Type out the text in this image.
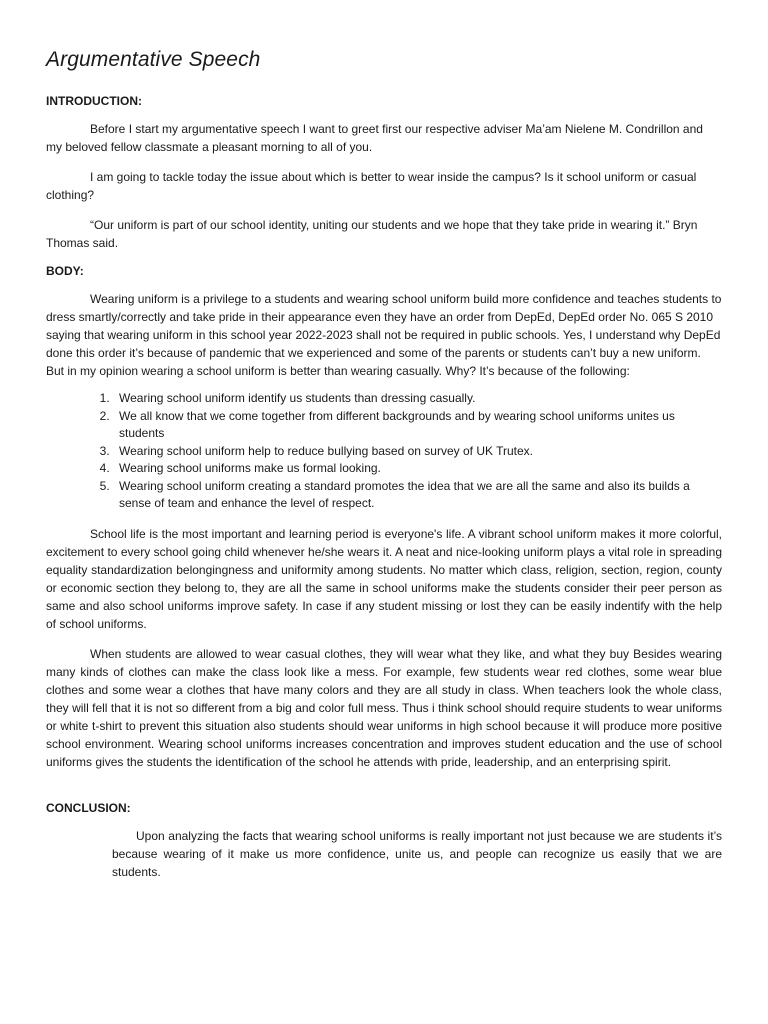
Argumentative Speech
INTRODUCTION:

Before I start my argumentative speech I want to greet first our respective adviser Ma’am Nielene M. Condrillon and my beloved fellow classmate a pleasant morning to all of you.

I am going to tackle today the issue about which is better to wear inside the campus? Is it school uniform or casual clothing?

“Our uniform is part of our school identity, uniting our students and we hope that they take pride in wearing it.” Bryn Thomas said.

BODY:

Wearing uniform is a privilege to a students and wearing school uniform build more confidence and teaches students to dress smartly/correctly and take pride in their appearance even they have an order from DepEd, DepEd order No. 065 S 2010 saying that wearing uniform in this school year 2022-2023 shall not be required in public schools. Yes, I understand why DepEd done this order it’s because of pandemic that we experienced and some of the parents or students can’t buy a new uniform. But in my opinion wearing a school uniform is better than wearing casually. Why? It’s because of the following:

1. Wearing school uniform identify us students than dressing casually.
2. We all know that we come together from different backgrounds and by wearing school uniforms unites us students
3. Wearing school uniform help to reduce bullying based on survey of UK Trutex.
4. Wearing school uniforms make us formal looking.
5. Wearing school uniform creating a standard promotes the idea that we are all the same and also its builds a sense of team and enhance the level of respect.

School life is the most important and learning period is everyone's life. A vibrant school uniform makes it more colorful, excitement to every school going child whenever he/she wears it. A neat and nice-looking uniform plays a vital role in spreading equality standardization belongingness and uniformity among students. No matter which class, religion, section, region, county or economic section they belong to, they are all the same in school uniforms make the students consider their peer person as same and also school uniforms improve safety. In case if any student missing or lost they can be easily indentify with the help of school uniforms.

When students are allowed to wear casual clothes, they will wear what they like, and what they buy Besides wearing many kinds of clothes can make the class look like a mess. For example, few students wear red clothes, some wear blue clothes and some wear a clothes that have many colors and they are all study in class. When teachers look the whole class, they will fell that it is not so different from a big and color full mess. Thus i think school should require students to wear uniforms or white t-shirt to prevent this situation also students should wear uniforms in high school because it will produce more positive school environment. Wearing school uniforms increases concentration and improves student education and the use of school uniforms gives the students the identification of the school he attends with pride, leadership, and an enterprising spirit.

CONCLUSION:

Upon analyzing the facts that wearing school uniforms is really important not just because we are students it’s because wearing of it make us more confidence, unite us, and people can recognize us easily that we are students.
